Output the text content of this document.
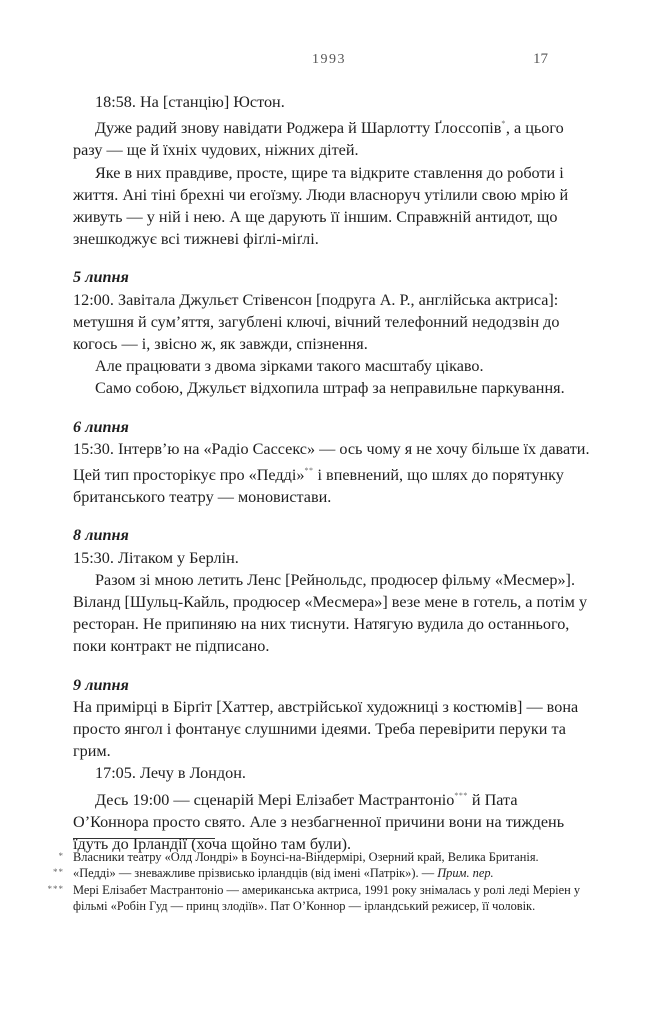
1993	17

18:58. На [станцію] Юстон.

Дуже радий знову навідати Роджера й Шарлотту Ґлоссопів*, а цього разу — ще й їхніх чудових, ніжних дітей.

Яке в них правдиве, просте, щире та відкрите ставлення до роботи і життя. Ані тіні брехні чи егоїзму. Люди власноруч утілили свою мрію й живуть — у ній і нею. А ще дарують її іншим. Справжній антидот, що знешкоджує всі тижневі фіґлі-міґлі.

5 липня

12:00. Завітала Джульєт Стівенсон [подруга А. Р., англійська актриса]: метушня й сум’яття, загублені ключі, вічний телефонний недодзвін до когось — і, звісно ж, як завжди, спізнення.

Але працювати з двома зірками такого масштабу цікаво.

Само собою, Джульєт відхопила штраф за неправильне паркування.

6 липня

15:30. Інтерв’ю на «Радіо Сассекс» — ось чому я не хочу більше їх давати. Цей тип просторікує про «Педді»** і впевнений, що шлях до порятунку британського театру — моновистави.

8 липня

15:30. Літаком у Берлін.

Разом зі мною летить Ленс [Рейнольдс, продюсер фільму «Месмер»]. Віланд [Шульц-Кайль, продюсер «Месмера»] везе мене в готель, а потім у ресторан. Не припиняю на них тиснути. Натягую вудила до останнього, поки контракт не підписано.

9 липня

На примірці в Бірґіт [Хаттер, австрійської художниці з костюмів] — вона просто янгол і фонтанує слушними ідеями. Треба перевірити перуки та грим.

17:05. Лечу в Лондон.

Десь 19:00 — сценарій Мері Елізабет Мастрантоніо*** й Пата О’Коннора просто свято. Але з незбагненної причини вони на тиждень їдуть до Ірландії (хоча щойно там були).

* Власники театру «Олд Лондрі» в Боунсі-на-Віндермірі, Озерний край, Велика Британія.
** «Педді» — зневажливе прізвисько ірландців (від імені «Патрік»). — Прим. пер.
*** Мері Елізабет Мастрантоніо — американська актриса, 1991 року знімалась у ролі леді Меріен у фільмі «Робін Гуд — принц злодіїв». Пат О’Коннор — ірландський режисер, її чоловік.
